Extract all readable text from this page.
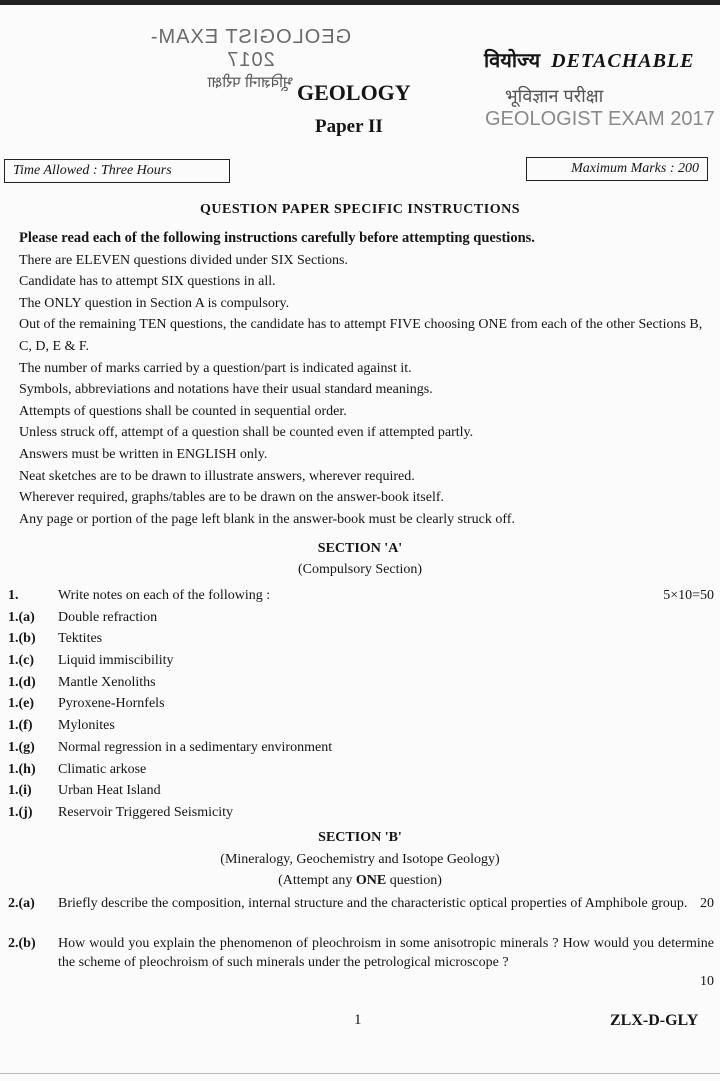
GEOLOGIST EXAM-2017
भूविज्ञानी परीक्षा
वियोज्य DETACHABLE
भूविज्ञान परीक्षा
GEOLOGIST EXAM 2017
GEOLOGY
Paper II
Time Allowed : Three Hours	Maximum Marks : 200
QUESTION PAPER SPECIFIC INSTRUCTIONS
Please read each of the following instructions carefully before attempting questions.
There are ELEVEN questions divided under SIX Sections.
Candidate has to attempt SIX questions in all.
The ONLY question in Section A is compulsory.
Out of the remaining TEN questions, the candidate has to attempt FIVE choosing ONE from each of the other Sections B, C, D, E & F.
The number of marks carried by a question/part is indicated against it.
Symbols, abbreviations and notations have their usual standard meanings.
Attempts of questions shall be counted in sequential order.
Unless struck off, attempt of a question shall be counted even if attempted partly.
Answers must be written in ENGLISH only.
Neat sketches are to be drawn to illustrate answers, wherever required.
Wherever required, graphs/tables are to be drawn on the answer-book itself.
Any page or portion of the page left blank in the answer-book must be clearly struck off.
SECTION 'A'
(Compulsory Section)
1.	Write notes on each of the following :	5×10=50
1.(a) Double refraction
1.(b) Tektites
1.(c) Liquid immiscibility
1.(d) Mantle Xenoliths
1.(e) Pyroxene-Hornfels
1.(f) Mylonites
1.(g) Normal regression in a sedimentary environment
1.(h) Climatic arkose
1.(i) Urban Heat Island
1.(j) Reservoir Triggered Seismicity
SECTION 'B'
(Mineralogy, Geochemistry and Isotope Geology)
(Attempt any ONE question)
2.(a) Briefly describe the composition, internal structure and the characteristic optical properties of Amphibole group. 20
2.(b) How would you explain the phenomenon of pleochroism in some anisotropic minerals ? How would you determine the scheme of pleochroism of such minerals under the petrological microscope ?
10
1	ZLX-D-GLY
